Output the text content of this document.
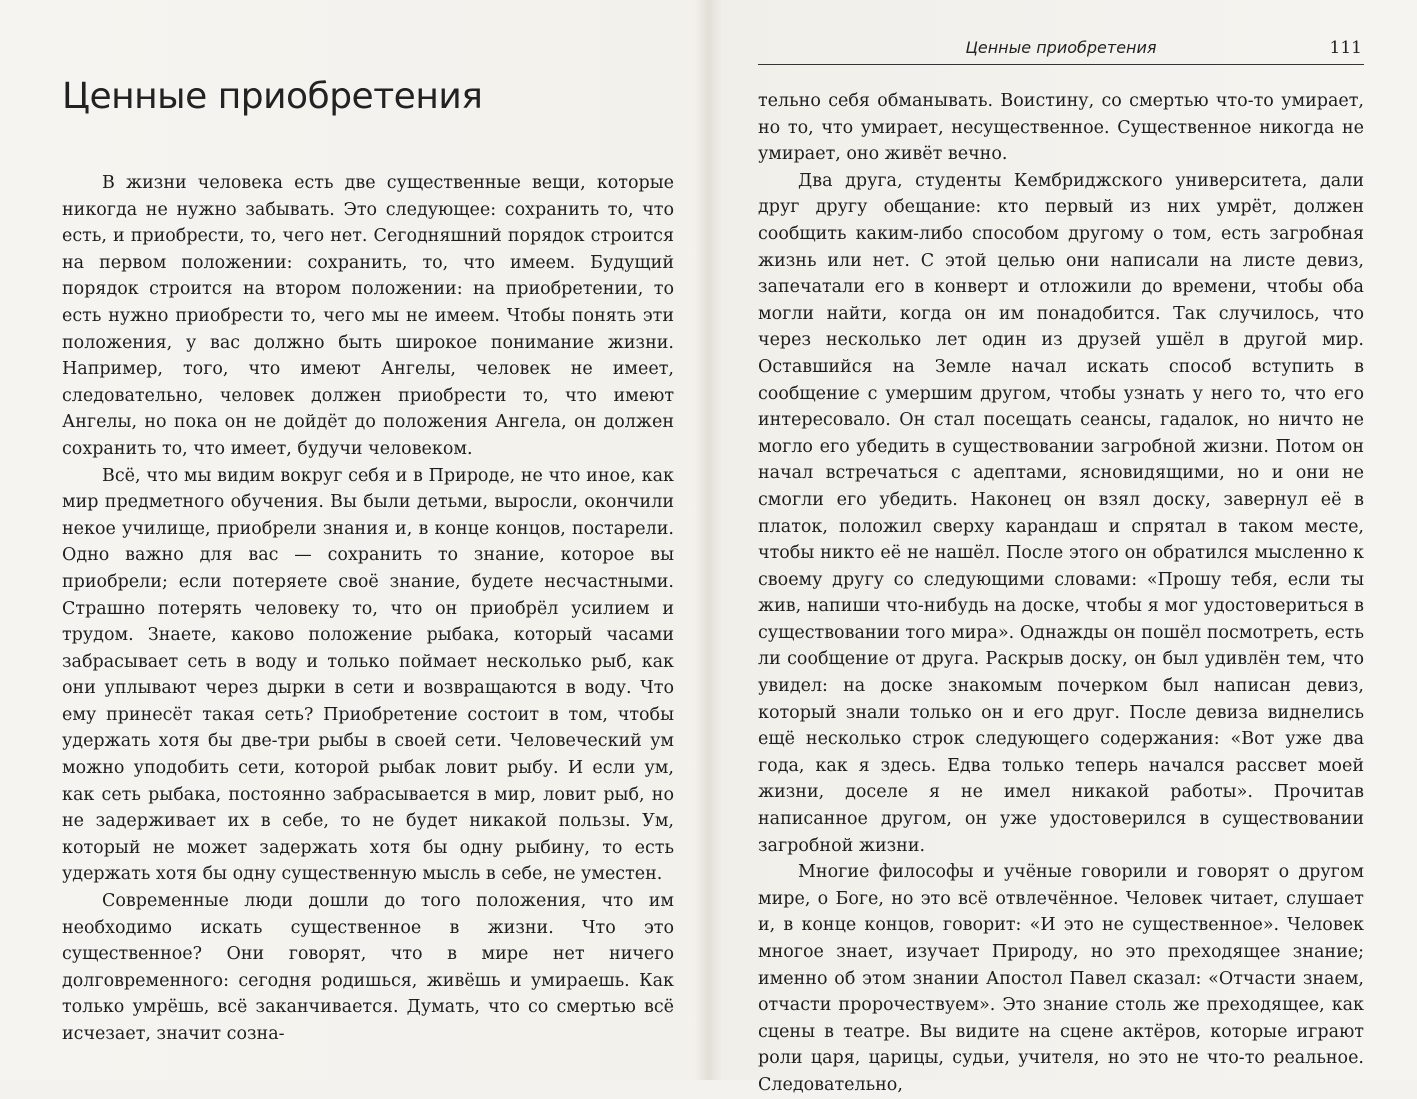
Ценные приобретения

В жизни человека есть две существенные вещи, которые никогда не нужно забывать. Это следующее: сохранить то, что есть, и приобрести, то, чего нет. Сегодняшний порядок строится на первом положении: сохранить, то, что имеем. Будущий порядок строится на втором положении: на приобретении, то есть нужно приобрести то, чего мы не имеем. Чтобы понять эти положения, у вас должно быть широкое понимание жизни. Например, того, что имеют Ангелы, человек не имеет, следовательно, человек должен приобрести то, что имеют Ангелы, но пока он не дойдёт до положения Ангела, он должен сохранить то, что имеет, будучи человеком.

Всё, что мы видим вокруг себя и в Природе, не что иное, как мир предметного обучения. Вы были детьми, выросли, окончили некое училище, приобрели знания и, в конце концов, постарели. Одно важно для вас — сохранить то знание, которое вы приобрели; если потеряете своё знание, будете несчастными. Страшно потерять человеку то, что он приобрёл усилием и трудом. Знаете, каково положение рыбака, который часами забрасывает сеть в воду и только поймает несколько рыб, как они уплывают через дырки в сети и возвращаются в воду. Что ему принесёт такая сеть? Приобретение состоит в том, чтобы удержать хотя бы две-три рыбы в своей сети. Человеческий ум можно уподобить сети, которой рыбак ловит рыбу. И если ум, как сеть рыбака, постоянно забрасывается в мир, ловит рыб, но не задерживает их в себе, то не будет никакой пользы. Ум, который не может задержать хотя бы одну рыбину, то есть удержать хотя бы одну существенную мысль в себе, не уместен.

Современные люди дошли до того положения, что им необходимо искать существенное в жизни. Что это существенное? Они говорят, что в мире нет ничего долговременного: сегодня родишься, живёшь и умираешь. Как только умрёшь, всё заканчивается. Думать, что со смертью всё исчезает, значит созна-

Ценные приобретения	111

тельно себя обманывать. Воистину, со смертью что-то умирает, но то, что умирает, несущественное. Существенное никогда не умирает, оно живёт вечно.

Два друга, студенты Кембриджского университета, дали друг другу обещание: кто первый из них умрёт, должен сообщить каким-либо способом другому о том, есть загробная жизнь или нет. С этой целью они написали на листе девиз, запечатали его в конверт и отложили до времени, чтобы оба могли найти, когда он им понадобится. Так случилось, что через несколько лет один из друзей ушёл в другой мир. Оставшийся на Земле начал искать способ вступить в сообщение с умершим другом, чтобы узнать у него то, что его интересовало. Он стал посещать сеансы, гадалок, но ничто не могло его убедить в существовании загробной жизни. Потом он начал встречаться с адептами, ясновидящими, но и они не смогли его убедить. Наконец он взял доску, завернул её в платок, положил сверху карандаш и спрятал в таком месте, чтобы никто её не нашёл. После этого он обратился мысленно к своему другу со следующими словами: «Прошу тебя, если ты жив, напиши что-нибудь на доске, чтобы я мог удостовериться в существовании того мира». Однажды он пошёл посмотреть, есть ли сообщение от друга. Раскрыв доску, он был удивлён тем, что увидел: на доске знакомым почерком был написан девиз, который знали только он и его друг. После девиза виднелись ещё несколько строк следующего содержания: «Вот уже два года, как я здесь. Едва только теперь начался рассвет моей жизни, доселе я не имел никакой работы». Прочитав написанное другом, он уже удостоверился в существовании загробной жизни.

Многие философы и учёные говорили и говорят о другом мире, о Боге, но это всё отвлечённое. Человек читает, слушает и, в конце концов, говорит: «И это не существенное». Человек многое знает, изучает Природу, но это преходящее знание; именно об этом знании Апостол Павел сказал: «Отчасти знаем, отчасти пророчествуем». Это знание столь же преходящее, как сцены в театре. Вы видите на сцене актёров, которые играют роли царя, царицы, судьи, учителя, но это не что-то реальное. Следовательно,
